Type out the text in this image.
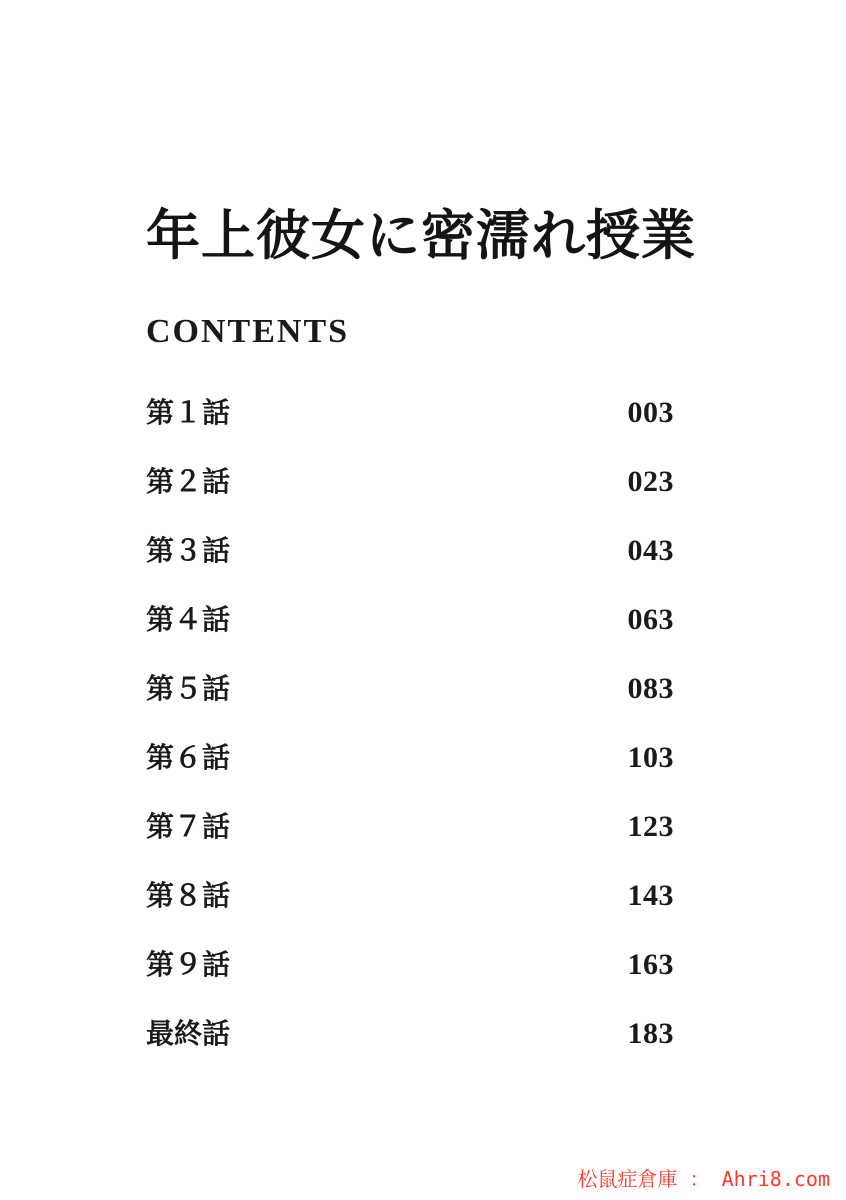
年上彼女に密濡れ授業
CONTENTS
第１話	003
第２話	023
第３話	043
第４話	063
第５話	083
第６話	103
第７話	123
第８話	143
第９話	163
最終話	183
松鼠症倉庫 ： Ahri8.com
